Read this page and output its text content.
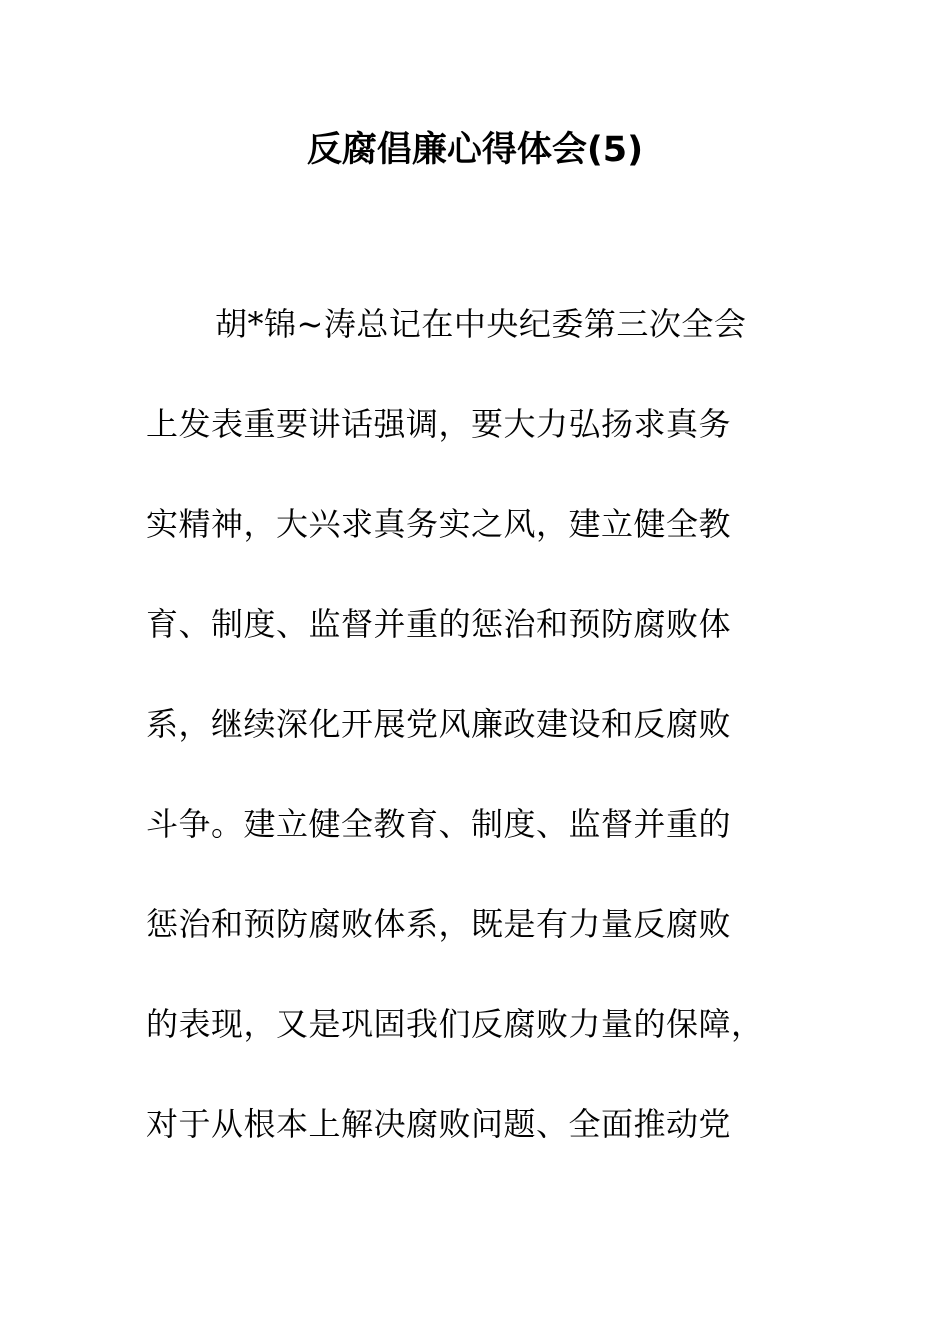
反腐倡廉心得体会(5)

胡*锦~涛总记在中央纪委第三次全会

上发表重要讲话强调，要大力弘扬求真务

实精神，大兴求真务实之风，建立健全教

育、制度、监督并重的惩治和预防腐败体

系，继续深化开展党风廉政建设和反腐败

斗争。建立健全教育、制度、监督并重的

惩治和预防腐败体系，既是有力量反腐败

的表现，又是巩固我们反腐败力量的保障，

对于从根本上解决腐败问题、全面推动党
